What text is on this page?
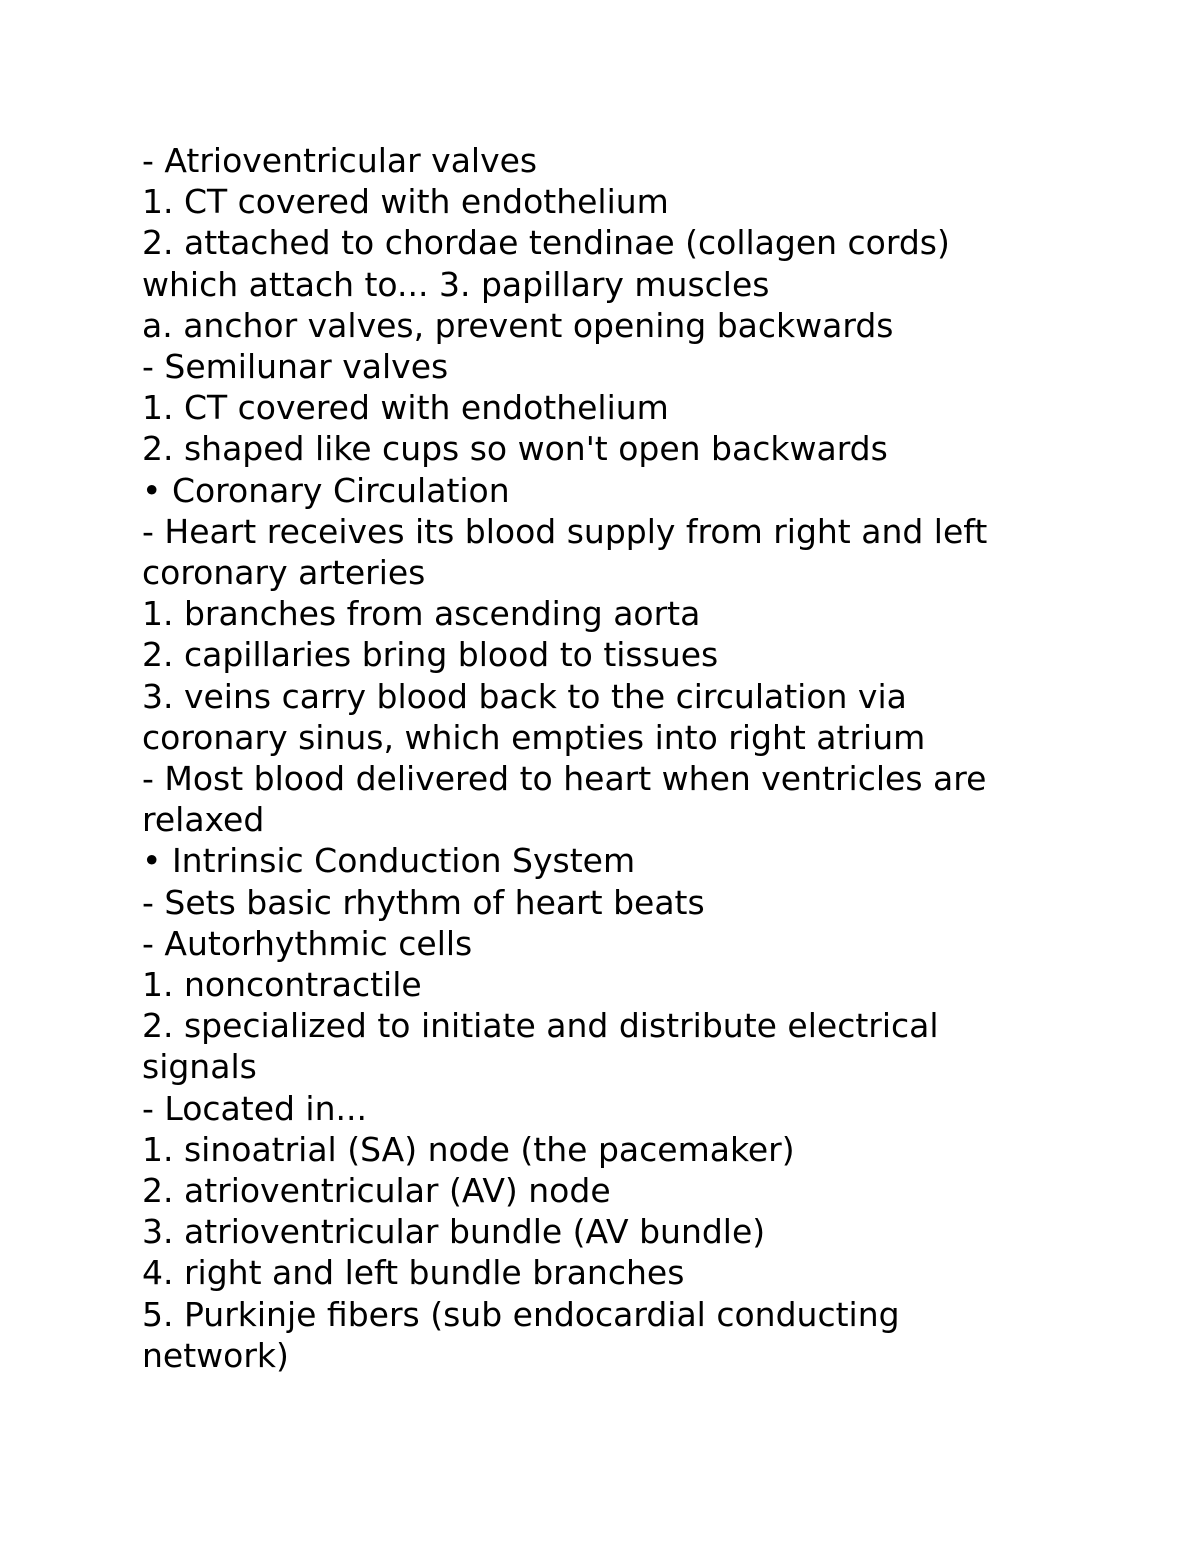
- Atrioventricular valves
1. CT covered with endothelium
2. attached to chordae tendinae (collagen cords)
which attach to... 3. papillary muscles
a. anchor valves, prevent opening backwards
- Semilunar valves
1. CT covered with endothelium
2. shaped like cups so won't open backwards
• Coronary Circulation
- Heart receives its blood supply from right and left
coronary arteries
1. branches from ascending aorta
2. capillaries bring blood to tissues
3. veins carry blood back to the circulation via
coronary sinus, which empties into right atrium
- Most blood delivered to heart when ventricles are
relaxed
• Intrinsic Conduction System
- Sets basic rhythm of heart beats
- Autorhythmic cells
1. noncontractile
2. specialized to initiate and distribute electrical
signals
- Located in...
1. sinoatrial (SA) node (the pacemaker)
2. atrioventricular (AV) node
3. atrioventricular bundle (AV bundle)
4. right and left bundle branches
5. Purkinje fibers (sub endocardial conducting
network)
